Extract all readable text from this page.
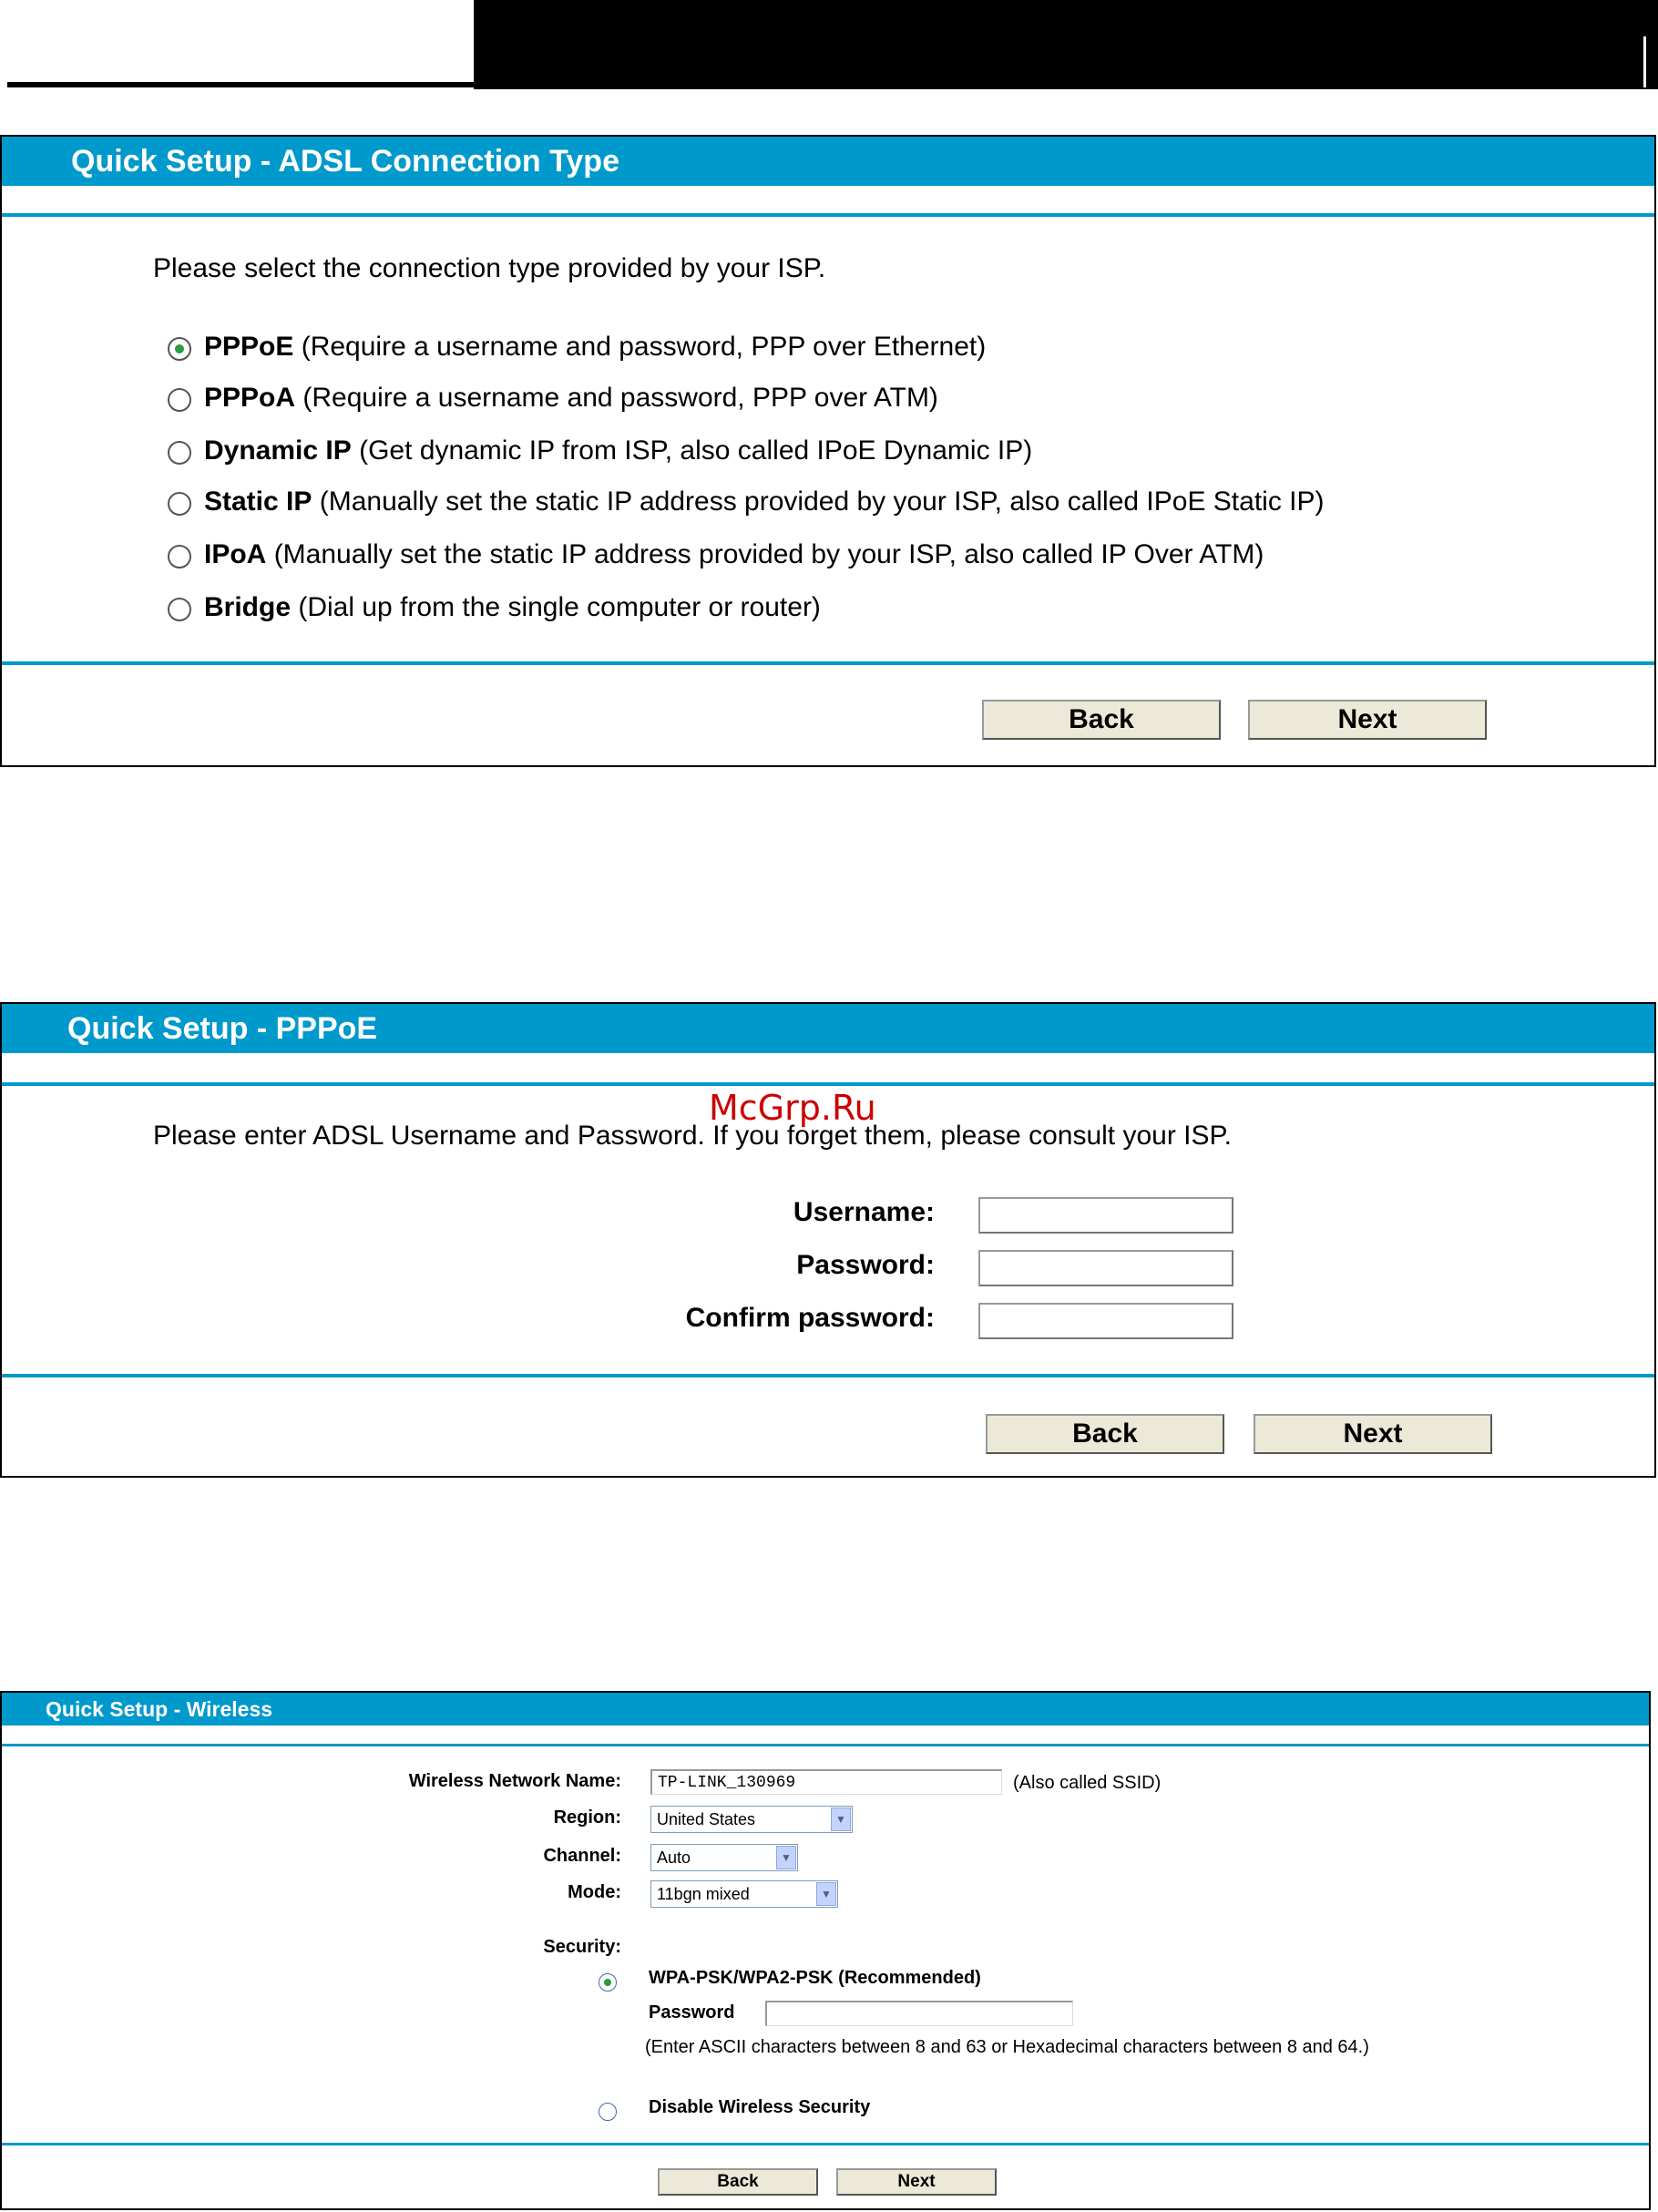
Quick Setup - ADSL Connection Type
Please select the connection type provided by your ISP.
PPPoE (Require a username and password, PPP over Ethernet)
PPPoA (Require a username and password, PPP over ATM)
Dynamic IP (Get dynamic IP from ISP, also called IPoE Dynamic IP)
Static IP (Manually set the static IP address provided by your ISP, also called IPoE Static IP)
IPoA (Manually set the static IP address provided by your ISP, also called IP Over ATM)
Bridge (Dial up from the single computer or router)
Back	Next
Quick Setup - PPPoE
McGrp.Ru
Please enter ADSL Username and Password. If you forget them, please consult your ISP.
Username:
Password:
Confirm password:
Back	Next
Quick Setup - Wireless
Wireless Network Name:
TP-LINK_130969	(Also called SSID)
Region:	United States	▼
Channel:	Auto	▼
Mode:	11bgn mixed	▼
Security:
WPA-PSK/WPA2-PSK (Recommended)
Password
(Enter ASCII characters between 8 and 63 or Hexadecimal characters between 8 and 64.)
Disable Wireless Security
Back	Next
